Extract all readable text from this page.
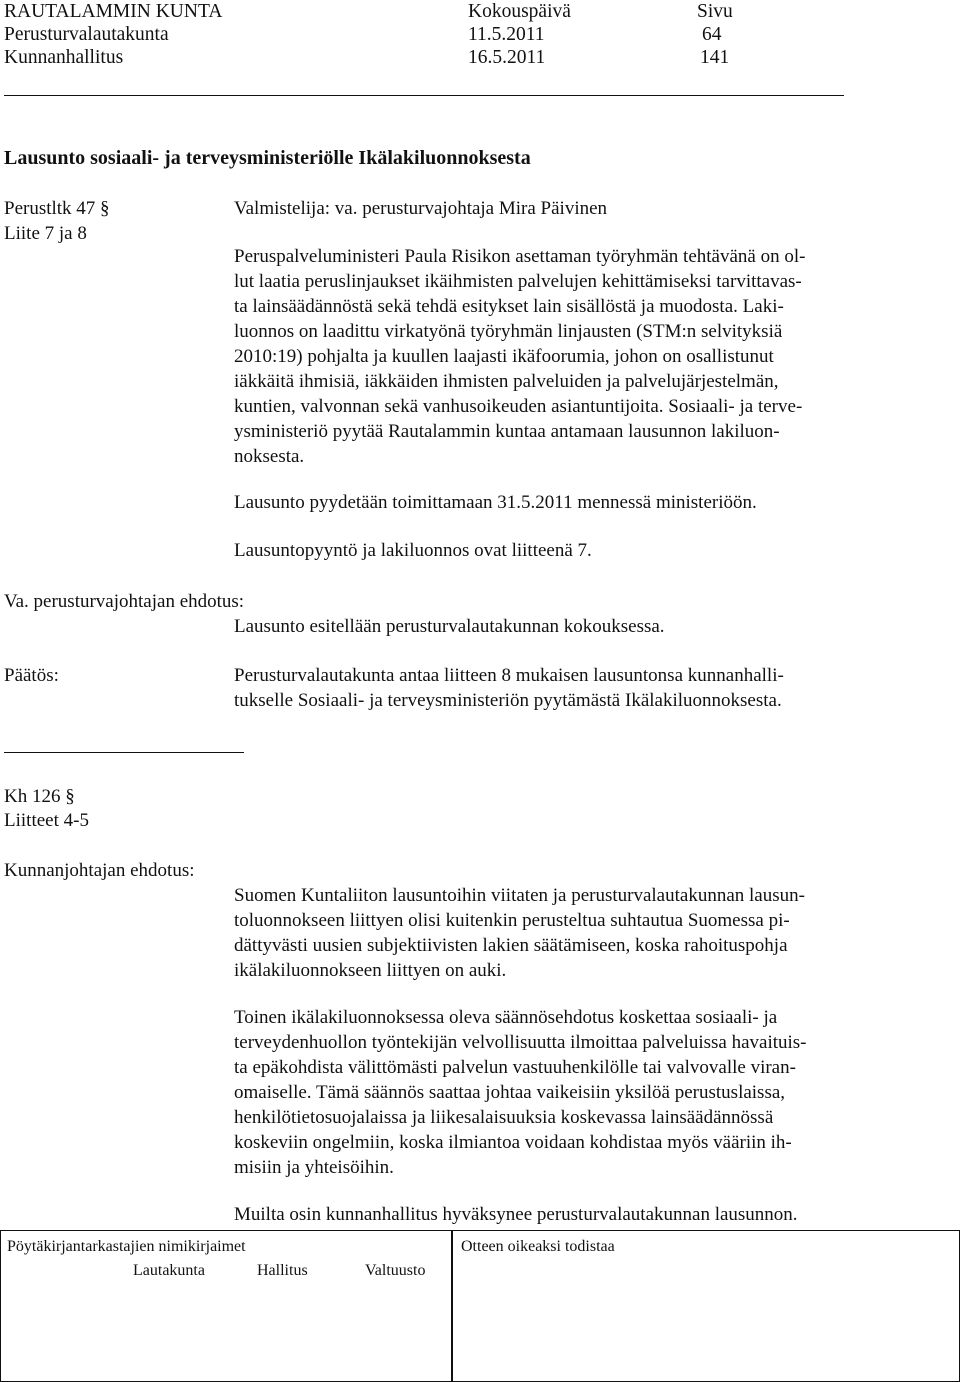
RAUTALAMMIN KUNTA	Kokouspäivä	Sivu
Perusturvalautakunta	11.5.2011	64
Kunnanhallitus	16.5.2011	141
Lausunto sosiaali- ja terveysministeriölle Ikälakiluonnoksesta
Perustltk 47 §
Liite 7 ja 8
Valmistelija: va. perusturvajohtaja Mira Päivinen
Peruspalveluministeri Paula Risikon asettaman työryhmän tehtävänä on ol-
lut laatia peruslinjaukset ikäihmisten palvelujen kehittämiseksi tarvittavas-
ta lainsäädännöstä sekä tehdä esitykset lain sisällöstä ja muodosta. Laki-
luonnos on laadittu virkatyönä työryhmän linjausten (STM:n selvityksiä
2010:19) pohjalta ja kuullen laajasti ikäfoorumia, johon on osallistunut
iäkkäitä ihmisiä, iäkkäiden ihmisten palveluiden ja palvelujärjestelmän,
kuntien, valvonnan sekä vanhusoikeuden asiantuntijoita. Sosiaali- ja terve-
ysministeriö pyytää Rautalammin kuntaa antamaan lausunnon lakiluon-
noksesta.
Lausunto pyydetään toimittamaan 31.5.2011 mennessä ministeriöön.
Lausuntopyyntö ja lakiluonnos ovat liitteenä 7.
Va. perusturvajohtajan ehdotus:
Lausunto esitellään perusturvalautakunnan kokouksessa.
Päätös:	Perusturvalautakunta antaa liitteen 8 mukaisen lausuntonsa kunnanhalli-
tukselle Sosiaali- ja terveysministeriön pyytämästä Ikälakiluonnoksesta.
Kh 126 §
Liitteet 4-5
Kunnanjohtajan ehdotus:
Suomen Kuntaliiton lausuntoihin viitaten ja perusturvalautakunnan lausun-
toluonnokseen liittyen olisi kuitenkin perusteltua suhtautua Suomessa pi-
dättyvästi uusien subjektiivisten lakien säätämiseen, koska rahoituspohja
ikälakiluonnokseen liittyen on auki.
Toinen ikälakiluonnoksessa oleva säännösehdotus koskettaa sosiaali- ja
terveydenhuollon työntekijän velvollisuutta ilmoittaa palveluissa havaituis-
ta epäkohdista välittömästi palvelun vastuuhenkilölle tai valvovalle viran-
omaiselle. Tämä säännös saattaa johtaa vaikeisiin yksilöä perustuslaissa,
henkilötietosuojalaissa ja liikesalaisuuksia koskevassa lainsäädännössä
koskeviin ongelmiin, koska ilmiantoa voidaan kohdistaa myös vääriin ih-
misiin ja yhteisöihin.
Muilta osin kunnanhallitus hyväksynee perusturvalautakunnan lausunnon.
Pöytäkirjantarkastajien nimikirjaimet
Lautakunta	Hallitus	Valtuusto
Otteen oikeaksi todistaa
